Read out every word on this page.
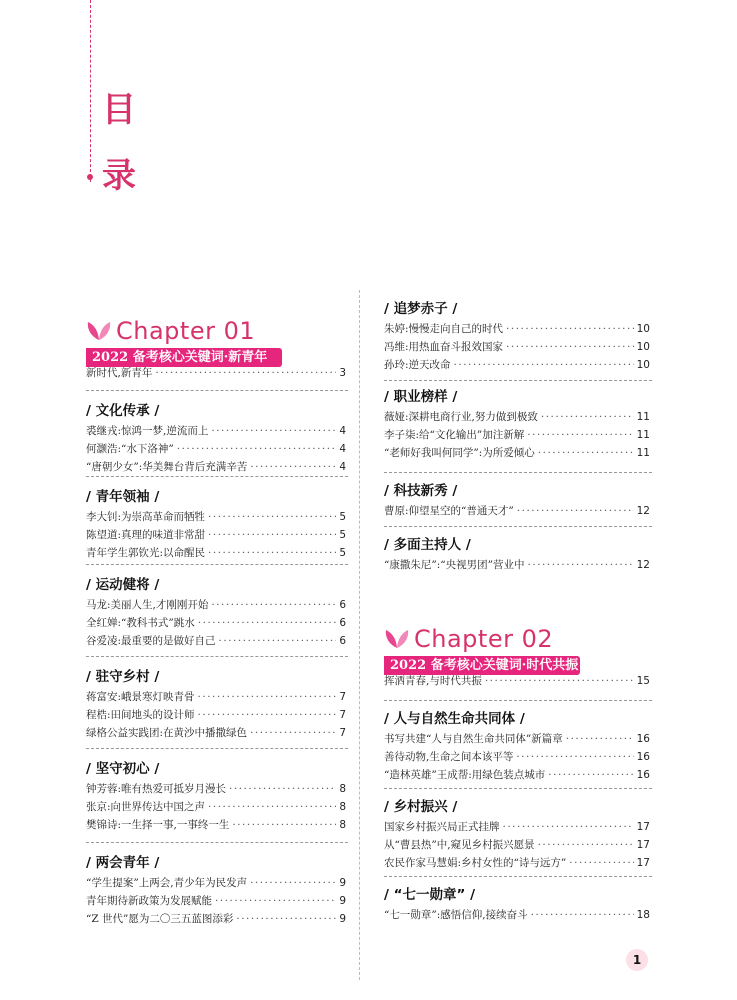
目
录
Chapter 01
2022 备考核心关键词·新青年
新时代,新青年 ·····	3
/ 文化传承 /
裘继戎:惊鸿一梦,逆流而上 ·····	4
何灏浩:“水下洛神” ·····	4
“唐朝少女”:华美舞台背后充满辛苦 ·····	4
/ 青年领袖 /
李大钊:为崇高革命而牺牲 ·····	5
陈望道:真理的味道非常甜 ·····	5
青年学生郭钦光:以命醒民 ·····	5
/ 运动健将 /
马龙:美丽人生,才刚刚开始 ·····	6
全红婵:“教科书式”跳水 ·····	6
谷爱凌:最重要的是做好自己 ·····	6
/ 驻守乡村 /
蒋富安:峨景寒灯映青骨 ·····	7
程梏:田间地头的设计师 ·····	7
绿格公益实践团:在黄沙中播撒绿色 ·····	7
/ 坚守初心 /
钟芳蓉:唯有热爱可抵岁月漫长 ·····	8
张京:向世界传达中国之声 ·····	8
樊锦诗:一生择一事,一事终一生 ·····	8
/ 两会青年 /
“学生提案”上两会,青少年为民发声 ·····	9
青年期待新政策为发展赋能 ·····	9
“Z 世代”愿为二〇三五蓝图添彩 ·····	9
/ 追梦赤子 /
朱婷:慢慢走向自己的时代 ·····	10
冯维:用热血奋斗报效国家 ·····	10
孙玲:逆天改命 ·····	10
/ 职业榜样 /
薇娅:深耕电商行业,努力做到极致 ·····	11
李子柒:给“文化输出”加注新解 ·····	11
“老师好我叫何同学”:为所爱倾心 ·····	11
/ 科技新秀 /
曹原:仰望星空的“普通天才” ·····	12
/ 多面主持人 /
“康撒朱尼”:“央视男团”营业中 ·····	12
Chapter 02
2022 备考核心关键词·时代共振
挥洒青春,与时代共振 ·····	15
/ 人与自然生命共同体 /
书写共建“人与自然生命共同体”新篇章 ·····	16
善待动物,生命之间本该平等 ·····	16
“造林英雄”王成帮:用绿色装点城市 ·····	16
/ 乡村振兴 /
国家乡村振兴局正式挂牌 ·····	17
从“曹县热”中,窥见乡村振兴愿景 ·····	17
农民作家马慧娟:乡村女性的“诗与远方” ·····	17
/ “七一勋章” /
“七一勋章”:感悟信仰,接续奋斗 ·····	18
1
